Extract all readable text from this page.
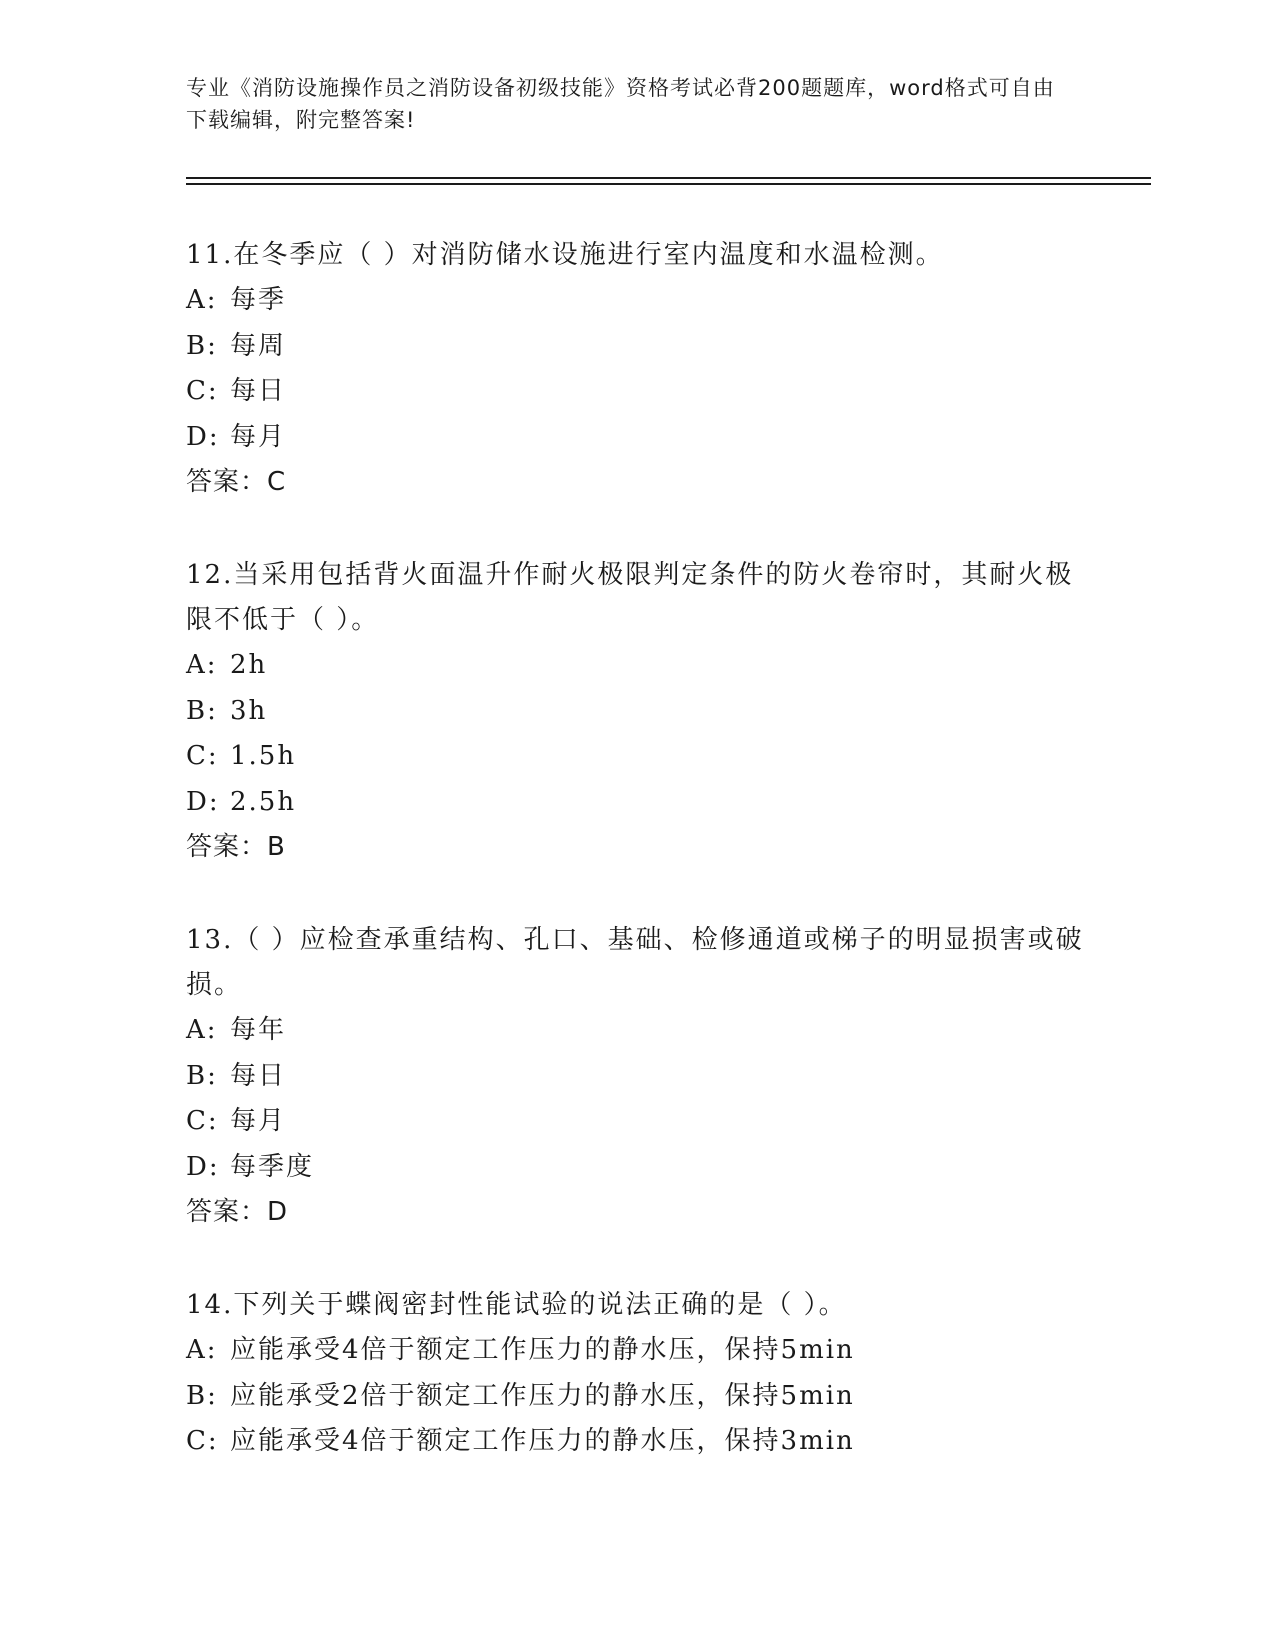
专业《消防设施操作员之消防设备初级技能》资格考试必背200题题库，word格式可自由下载编辑，附完整答案!
11.在冬季应（ ）对消防储水设施进行室内温度和水温检测。
A: 每季
B: 每周
C: 每日
D: 每月
答案：C
12.当采用包括背火面温升作耐火极限判定条件的防火卷帘时，其耐火极限不低于（ ）。
A: 2h
B: 3h
C: 1.5h
D: 2.5h
答案：B
13.（ ）应检查承重结构、孔口、基础、检修通道或梯子的明显损害或破损。
A: 每年
B: 每日
C: 每月
D: 每季度
答案：D
14.下列关于蝶阀密封性能试验的说法正确的是（ ）。
A: 应能承受4倍于额定工作压力的静水压，保持5min
B: 应能承受2倍于额定工作压力的静水压，保持5min
C: 应能承受4倍于额定工作压力的静水压，保持3min
